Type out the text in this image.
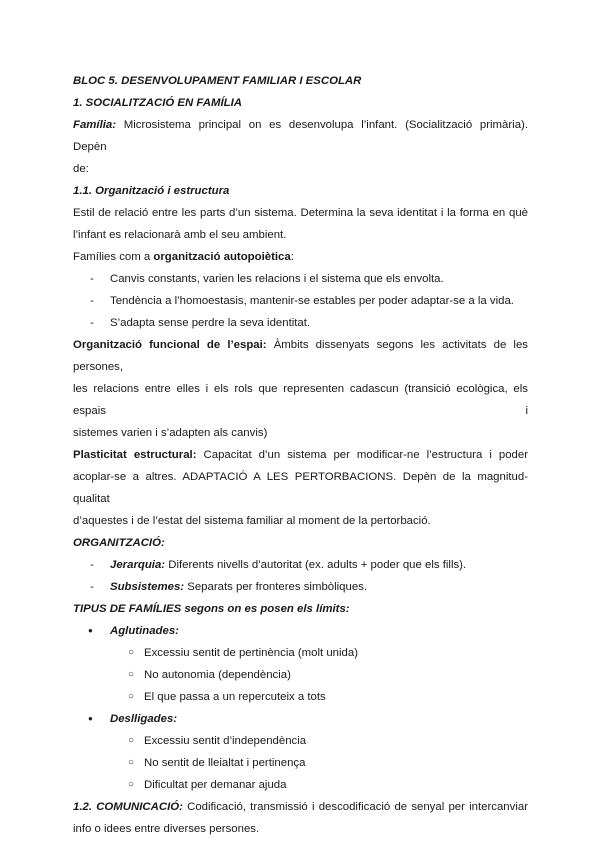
BLOC 5. DESENVOLUPAMENT FAMILIAR I ESCOLAR
1. SOCIALITZACIÓ EN FAMÍLIA
Família: Microsistema principal on es desenvolupa l’infant. (Socialització primària). Depèn
de:
1.1. Organització i estructura
Estil de relació entre les parts d’un sistema. Determina la seva identitat i la forma en què
l’infant es relacionarà amb el seu ambient.
Famílies com a organització autopoiètica:
- Canvis constants, varien les relacions i el sistema que els envolta.
- Tendència a l’homoestasis, mantenir-se estables per poder adaptar-se a la vida.
- S’adapta sense perdre la seva identitat.
Organització funcional de l’espai: Àmbits dissenyats segons les activitats de les persones,
les relacions entre elles i els rols que representen cadascun (transició ecològica, els espais i
sistemes varien i s’adapten als canvis)
Plasticitat estructural: Capacitat d’un sistema per modificar-ne l’estructura i poder
acoplar-se a altres. ADAPTACIÓ A LES PERTORBACIONS. Depèn de la magnitud-qualitat
d’aquestes i de l’estat del sistema familiar al moment de la pertorbació.
ORGANITZACIÓ:
- Jerarquia: Diferents nivells d’autoritat (ex. adults + poder que els fills).
- Subsistemes: Separats per fronteres simbòliques.
TIPUS DE FAMÍLIES segons on es posen els límits:
● Aglutinades:
○ Excessiu sentit de pertinència (molt unida)
○ No autonomia (dependència)
○ El que passa a un repercuteix a tots
● Deslligades:
○ Excessiu sentit d’independència
○ No sentit de lleialtat i pertinença
○ Dificultat per demanar ajuda
1.2. COMUNICACIÓ: Codificació, transmissió i descodificació de senyal per intercanviar
info o idees entre diverses persones.
